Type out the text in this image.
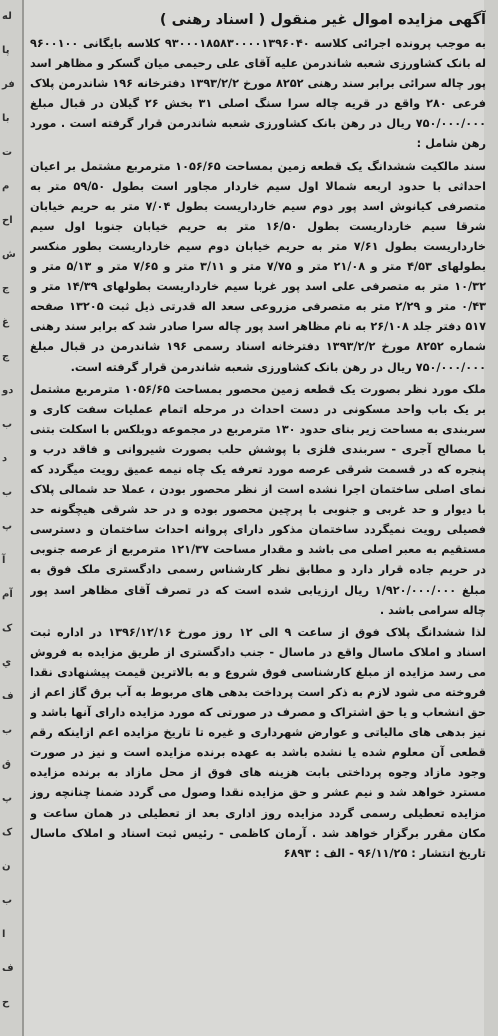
له
پا
فر
با
ت
م
اح
ش
ج
غ
ج
دو
ب
د
ب
پ
آ
آم
ک
ي
ف
ب
ق
پ
ک
ن
ب
ا
ف
ح
آگهی مزایده اموال غیر منقول ( اسناد رهنی )
به موجب پرونده اجرائی کلاسه ۹۳۰۰۰۱۸۵۸۳۰۰۰۰۱۳۹۶۰۴۰ کلاسه بایگانی ۹۶۰۰۱۰۰ له بانک کشاورزی شعبه شاندرمن علیه آقای علی رحیمی میان گسکر و مظاهر اسد پور چاله سرائی برابر سند رهنی ۸۲۵۲ مورخ ۱۳۹۳/۲/۲ دفترخانه ۱۹۶ شاندرمن پلاک فرعی ۲۸۰ واقع در قریه چاله سرا سنگ اصلی ۳۱ بخش ۲۶ گیلان در قبال مبلغ ۷۵۰/۰۰۰/۰۰۰ ریال در رهن بانک کشاورزی شعبه شاندرمن قرار گرفته است . مورد رهن شامل :
سند مالکیت ششدانگ یک قطعه زمین بمساحت ۱۰۵۶/۶۵ مترمربع مشتمل بر اعیان احداثی با حدود اربعه شمالا اول سیم خاردار مجاور است بطول ۵۹/۵۰ متر به متصرفی کیانوش اسد پور دوم سیم خارداریست بطول ۷/۰۴ متر به حریم خیابان شرقا سیم خارداریست بطول ۱۶/۵۰ متر به حریم خیابان جنوبا اول سیم خارداریست بطول ۷/۶۱ متر به حریم خیابان دوم سیم خارداریست بطور منکسر بطولهای ۴/۵۳ متر و ۲۱/۰۸ متر و ۷/۷۵ متر و ۳/۱۱ متر و ۷/۶۵ متر و ۵/۱۳ متر و ۱۰/۳۲ متر به متصرفی علی اسد پور غربا سیم خارداریست بطولهای ۱۴/۳۹ متر و ۰/۴۳ متر و ۲/۲۹ متر به متصرفی مزروعی سعد اله قدرتی ذیل ثبت ۱۳۲۰۵ صفحه ۵۱۷ دفتر جلد ۲۶/۱۰۸ به نام مظاهر اسد پور چاله سرا صادر شد که برابر سند رهنی شماره ۸۲۵۲ مورخ ۱۳۹۳/۲/۲ دفترخانه اسناد رسمی ۱۹۶ شاندرمن در قبال مبلغ ۷۵۰/۰۰۰/۰۰۰ ریال در رهن بانک کشاورزی شعبه شاندرمن قرار گرفته است.
ملک مورد نظر بصورت یک قطعه زمین محصور بمساحت ۱۰۵۶/۶۵ مترمربع مشتمل بر یک باب واحد مسکونی در دست احداث در مرحله اتمام عملیات سفت کاری و سربندی به مساحت زیر بنای حدود ۱۳۰ مترمربع در مجموعه دوبلکس با اسکلت بتنی با مصالح آجری - سربندی فلزی با پوشش حلب بصورت شیروانی و فاقد درب و پنجره که در قسمت شرقی عرصه مورد تعرفه یک چاه نیمه عمیق رویت میگردد که نمای اصلی ساختمان اجرا نشده است از نظر محصور بودن ، عملا حد شمالی پلاک با دیوار و حد غربی و جنوبی با پرچین محصور بوده و در حد شرقی هیچگونه حد فصیلی رویت نمیگردد ساختمان مذکور دارای پروانه احداث ساختمان و دسترسی مستقیم به معبر اصلی می باشد و مقدار مساحت ۱۲۱/۳۷ مترمربع از عرصه جنوبی در حریم جاده قرار دارد و مطابق نظر کارشناس رسمی دادگستری ملک فوق به مبلغ ۱/۹۲۰/۰۰۰/۰۰۰ ریال ارزیابی شده است که در تصرف آقای مظاهر اسد پور چاله سرامی باشد .
لذا ششدانگ پلاک فوق از ساعت ۹ الی ۱۲ روز مورخ ۱۳۹۶/۱۲/۱۶ در اداره ثبت اسناد و املاک ماسال واقع در ماسال - جنب دادگستری از طریق مزایده به فروش می رسد مزایده از مبلغ کارشناسی فوق شروع و به بالاترین قیمت پیشنهادی نقدا فروخته می شود لازم به ذکر است پرداخت بدهی های مربوط به آب برق گاز اعم از حق انشعاب و یا حق اشتراک و مصرف در صورتی که مورد مزایده دارای آنها باشد و نیز بدهی های مالیاتی و عوارض شهرداری و غیره تا تاریخ مزایده اعم ازاینکه رقم قطعی آن معلوم شده یا نشده باشد به عهده برنده مزایده است و نیز در صورت وجود مازاد وجوه پرداختی بابت هزینه های فوق از محل مازاد به برنده مزایده مسترد خواهد شد و نیم عشر و حق مزایده نقدا وصول می گردد ضمنا چنانچه روز مزایده تعطیلی رسمی گردد مزایده روز اداری بعد از تعطیلی در همان ساعت و مکان مقرر برگزار خواهد شد . آرمان کاظمی - رئیس ثبت اسناد و املاک ماسال تاریخ انتشار : ۹۶/۱۱/۲۵ - الف : ۶۸۹۳
